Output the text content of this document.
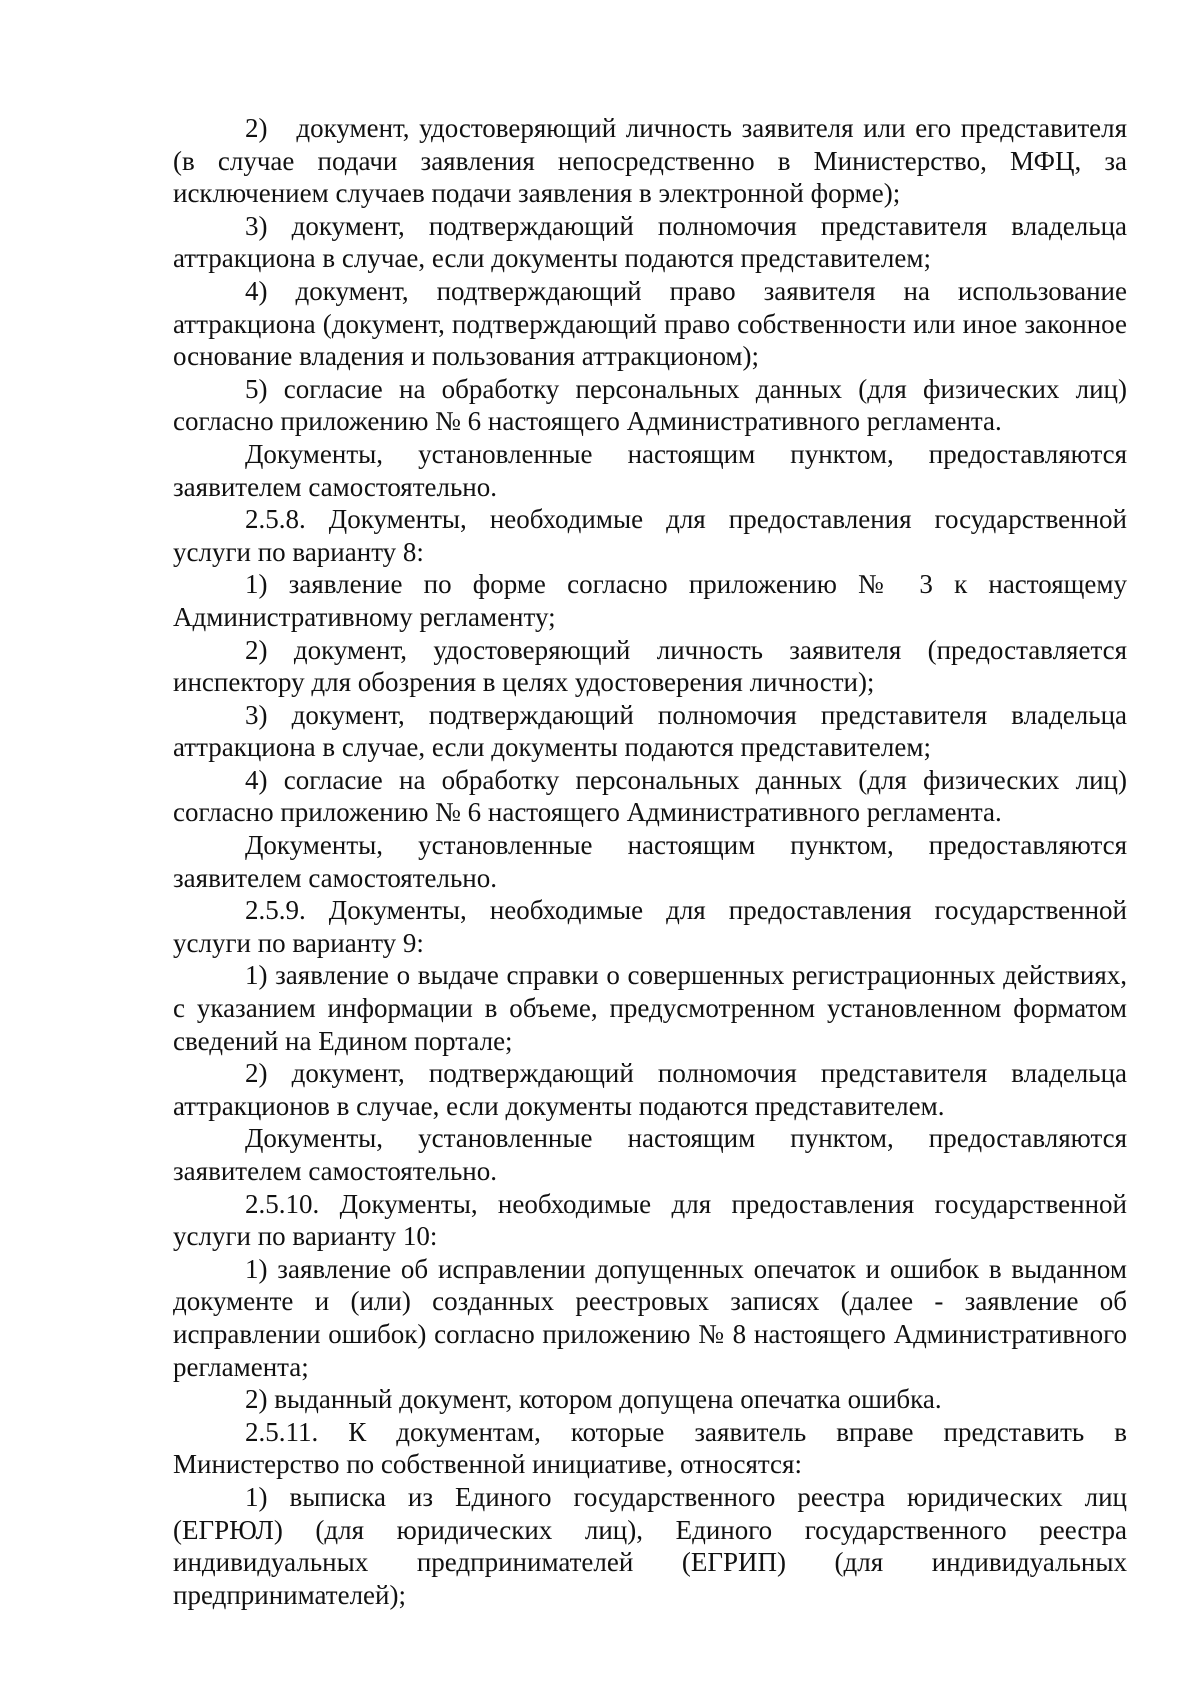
2)   документ, удостоверяющий личность заявителя или его представителя (в случае подачи заявления непосредственно в Министерство, МФЦ, за исключением случаев подачи заявления в электронной форме);

3) документ, подтверждающий полномочия представителя владельца аттракциона в случае, если документы подаются представителем;

4) документ, подтверждающий право заявителя на использование аттракциона (документ, подтверждающий право собственности или иное законное основание владения и пользования аттракционом);

5) согласие на обработку персональных данных (для физических лиц) согласно приложению № 6 настоящего Административного регламента.

Документы, установленные настоящим пунктом, предоставляются заявителем самостоятельно.

2.5.8. Документы, необходимые для предоставления государственной услуги по варианту 8:

1) заявление по форме согласно приложению № 3 к настоящему Административному регламенту;

2) документ, удостоверяющий личность заявителя (предоставляется инспектору для обозрения в целях удостоверения личности);

3) документ, подтверждающий полномочия представителя владельца аттракциона в случае, если документы подаются представителем;

4) согласие на обработку персональных данных (для физических лиц) согласно приложению № 6 настоящего Административного регламента.

Документы, установленные настоящим пунктом, предоставляются заявителем самостоятельно.

2.5.9. Документы, необходимые для предоставления государственной услуги по варианту 9:

1) заявление о выдаче справки о совершенных регистрационных действиях, с указанием информации в объеме, предусмотренном установленном форматом сведений на Едином портале;

2) документ, подтверждающий полномочия представителя владельца аттракционов в случае, если документы подаются представителем.

Документы, установленные настоящим пунктом, предоставляются заявителем самостоятельно.

2.5.10. Документы, необходимые для предоставления государственной услуги по варианту 10:

1) заявление об исправлении допущенных опечаток и ошибок в выданном документе и (или) созданных реестровых записях (далее - заявление об исправлении ошибок) согласно приложению № 8 настоящего Административного регламента;

2) выданный документ, котором допущена опечатка ошибка.

2.5.11. К документам, которые заявитель вправе представить в Министерство по собственной инициативе, относятся:

1) выписка из Единого государственного реестра юридических лиц (ЕГРЮЛ) (для юридических лиц), Единого государственного реестра индивидуальных предпринимателей (ЕГРИП) (для индивидуальных предпринимателей);
